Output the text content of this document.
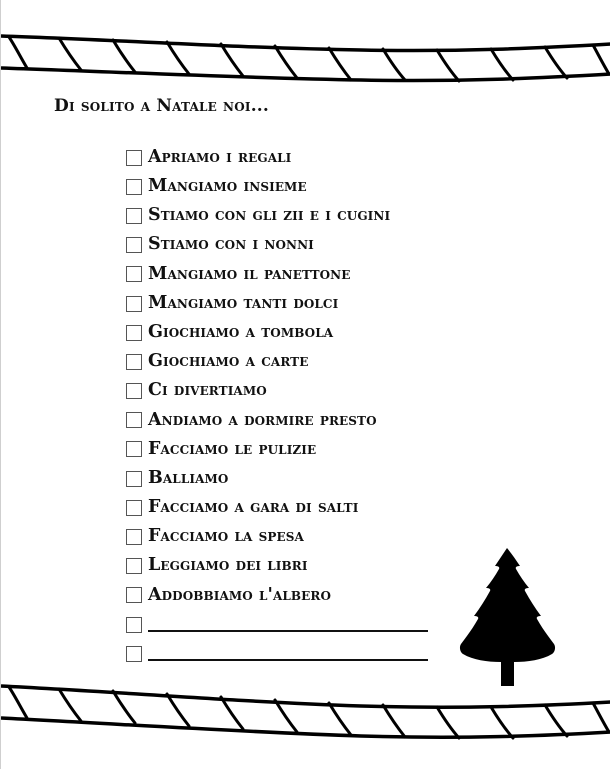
Di solito a Natale noi...
Apriamo i regali
Mangiamo insieme
Stiamo con gli zii e i cugini
Stiamo con i nonni
Mangiamo il panettone
Mangiamo tanti dolci
Giochiamo a tombola
Giochiamo a carte
Ci divertiamo
Andiamo a dormire presto
Facciamo le pulizie
Balliamo
Facciamo a gara di salti
Facciamo la spesa
Leggiamo dei libri
Addobbiamo l'albero
